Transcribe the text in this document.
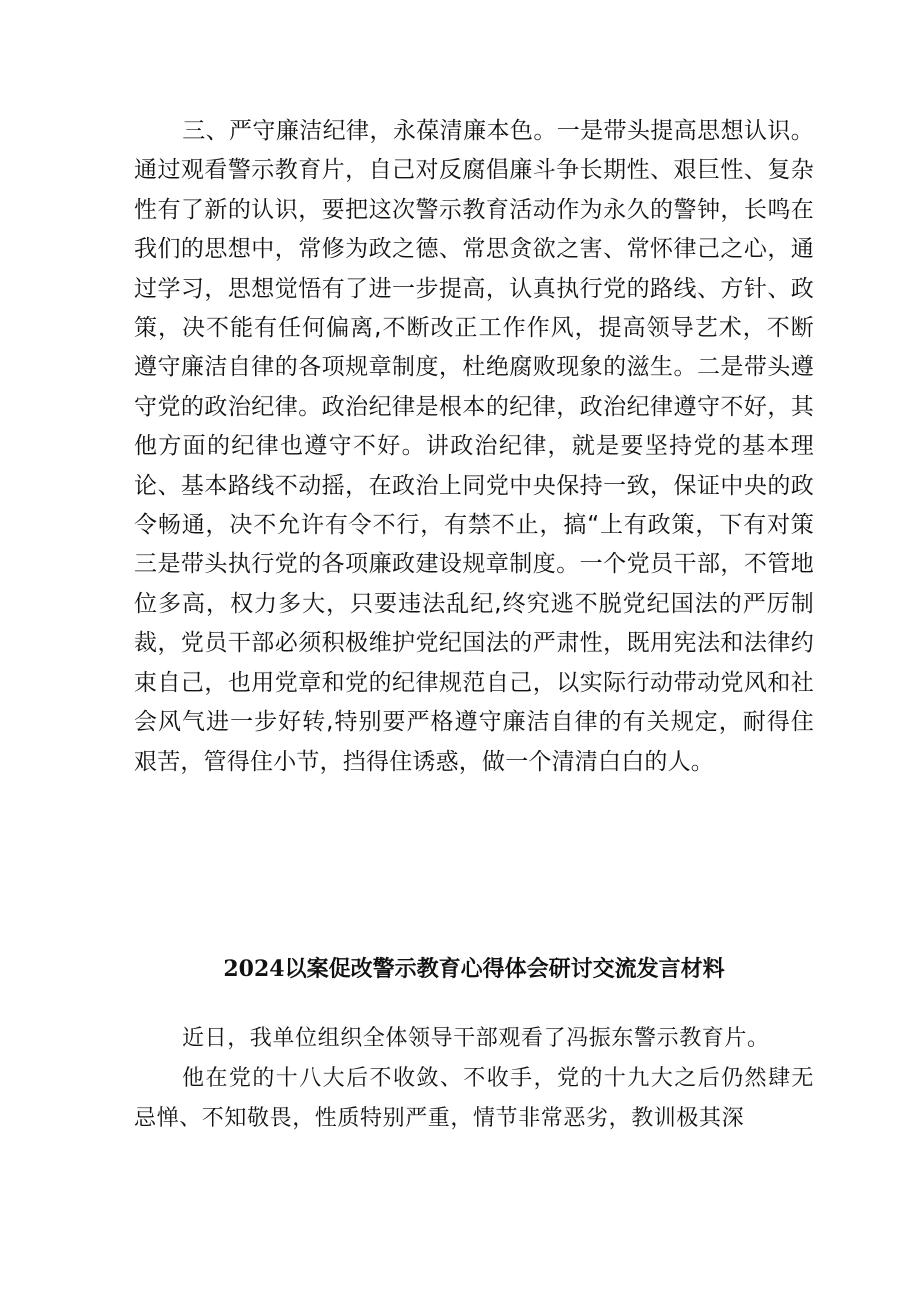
三、严守廉洁纪律，永葆清廉本色。一是带头提高思想认识。通过观看警示教育片，自己对反腐倡廉斗争长期性、艰巨性、复杂性有了新的认识，要把这次警示教育活动作为永久的警钟，长鸣在我们的思想中，常修为政之德、常思贪欲之害、常怀律己之心，通过学习，思想觉悟有了进一步提高，认真执行党的路线、方针、政策，决不能有任何偏离,不断改正工作作风，提高领导艺术，不断遵守廉洁自律的各项规章制度，杜绝腐败现象的滋生。二是带头遵守党的政治纪律。政治纪律是根本的纪律，政治纪律遵守不好，其他方面的纪律也遵守不好。讲政治纪律，就是要坚持党的基本理论、基本路线不动摇，在政治上同党中央保持一致，保证中央的政令畅通，决不允许有令不行，有禁不止，搞“上有政策，下有对策三是带头执行党的各项廉政建设规章制度。一个党员干部，不管地位多高，权力多大，只要违法乱纪,终究逃不脱党纪国法的严厉制裁，党员干部必须积极维护党纪国法的严肃性，既用宪法和法律约束自己，也用党章和党的纪律规范自己，以实际行动带动党风和社会风气进一步好转,特别要严格遵守廉洁自律的有关规定，耐得住艰苦，管得住小节，挡得住诱惑，做一个清清白白的人。

2024以案促改警示教育心得体会研讨交流发言材料

近日，我单位组织全体领导干部观看了冯振东警示教育片。

他在党的十八大后不收敛、不收手，党的十九大之后仍然肆无忌惮、不知敬畏，性质特别严重，情节非常恶劣，教训极其深
